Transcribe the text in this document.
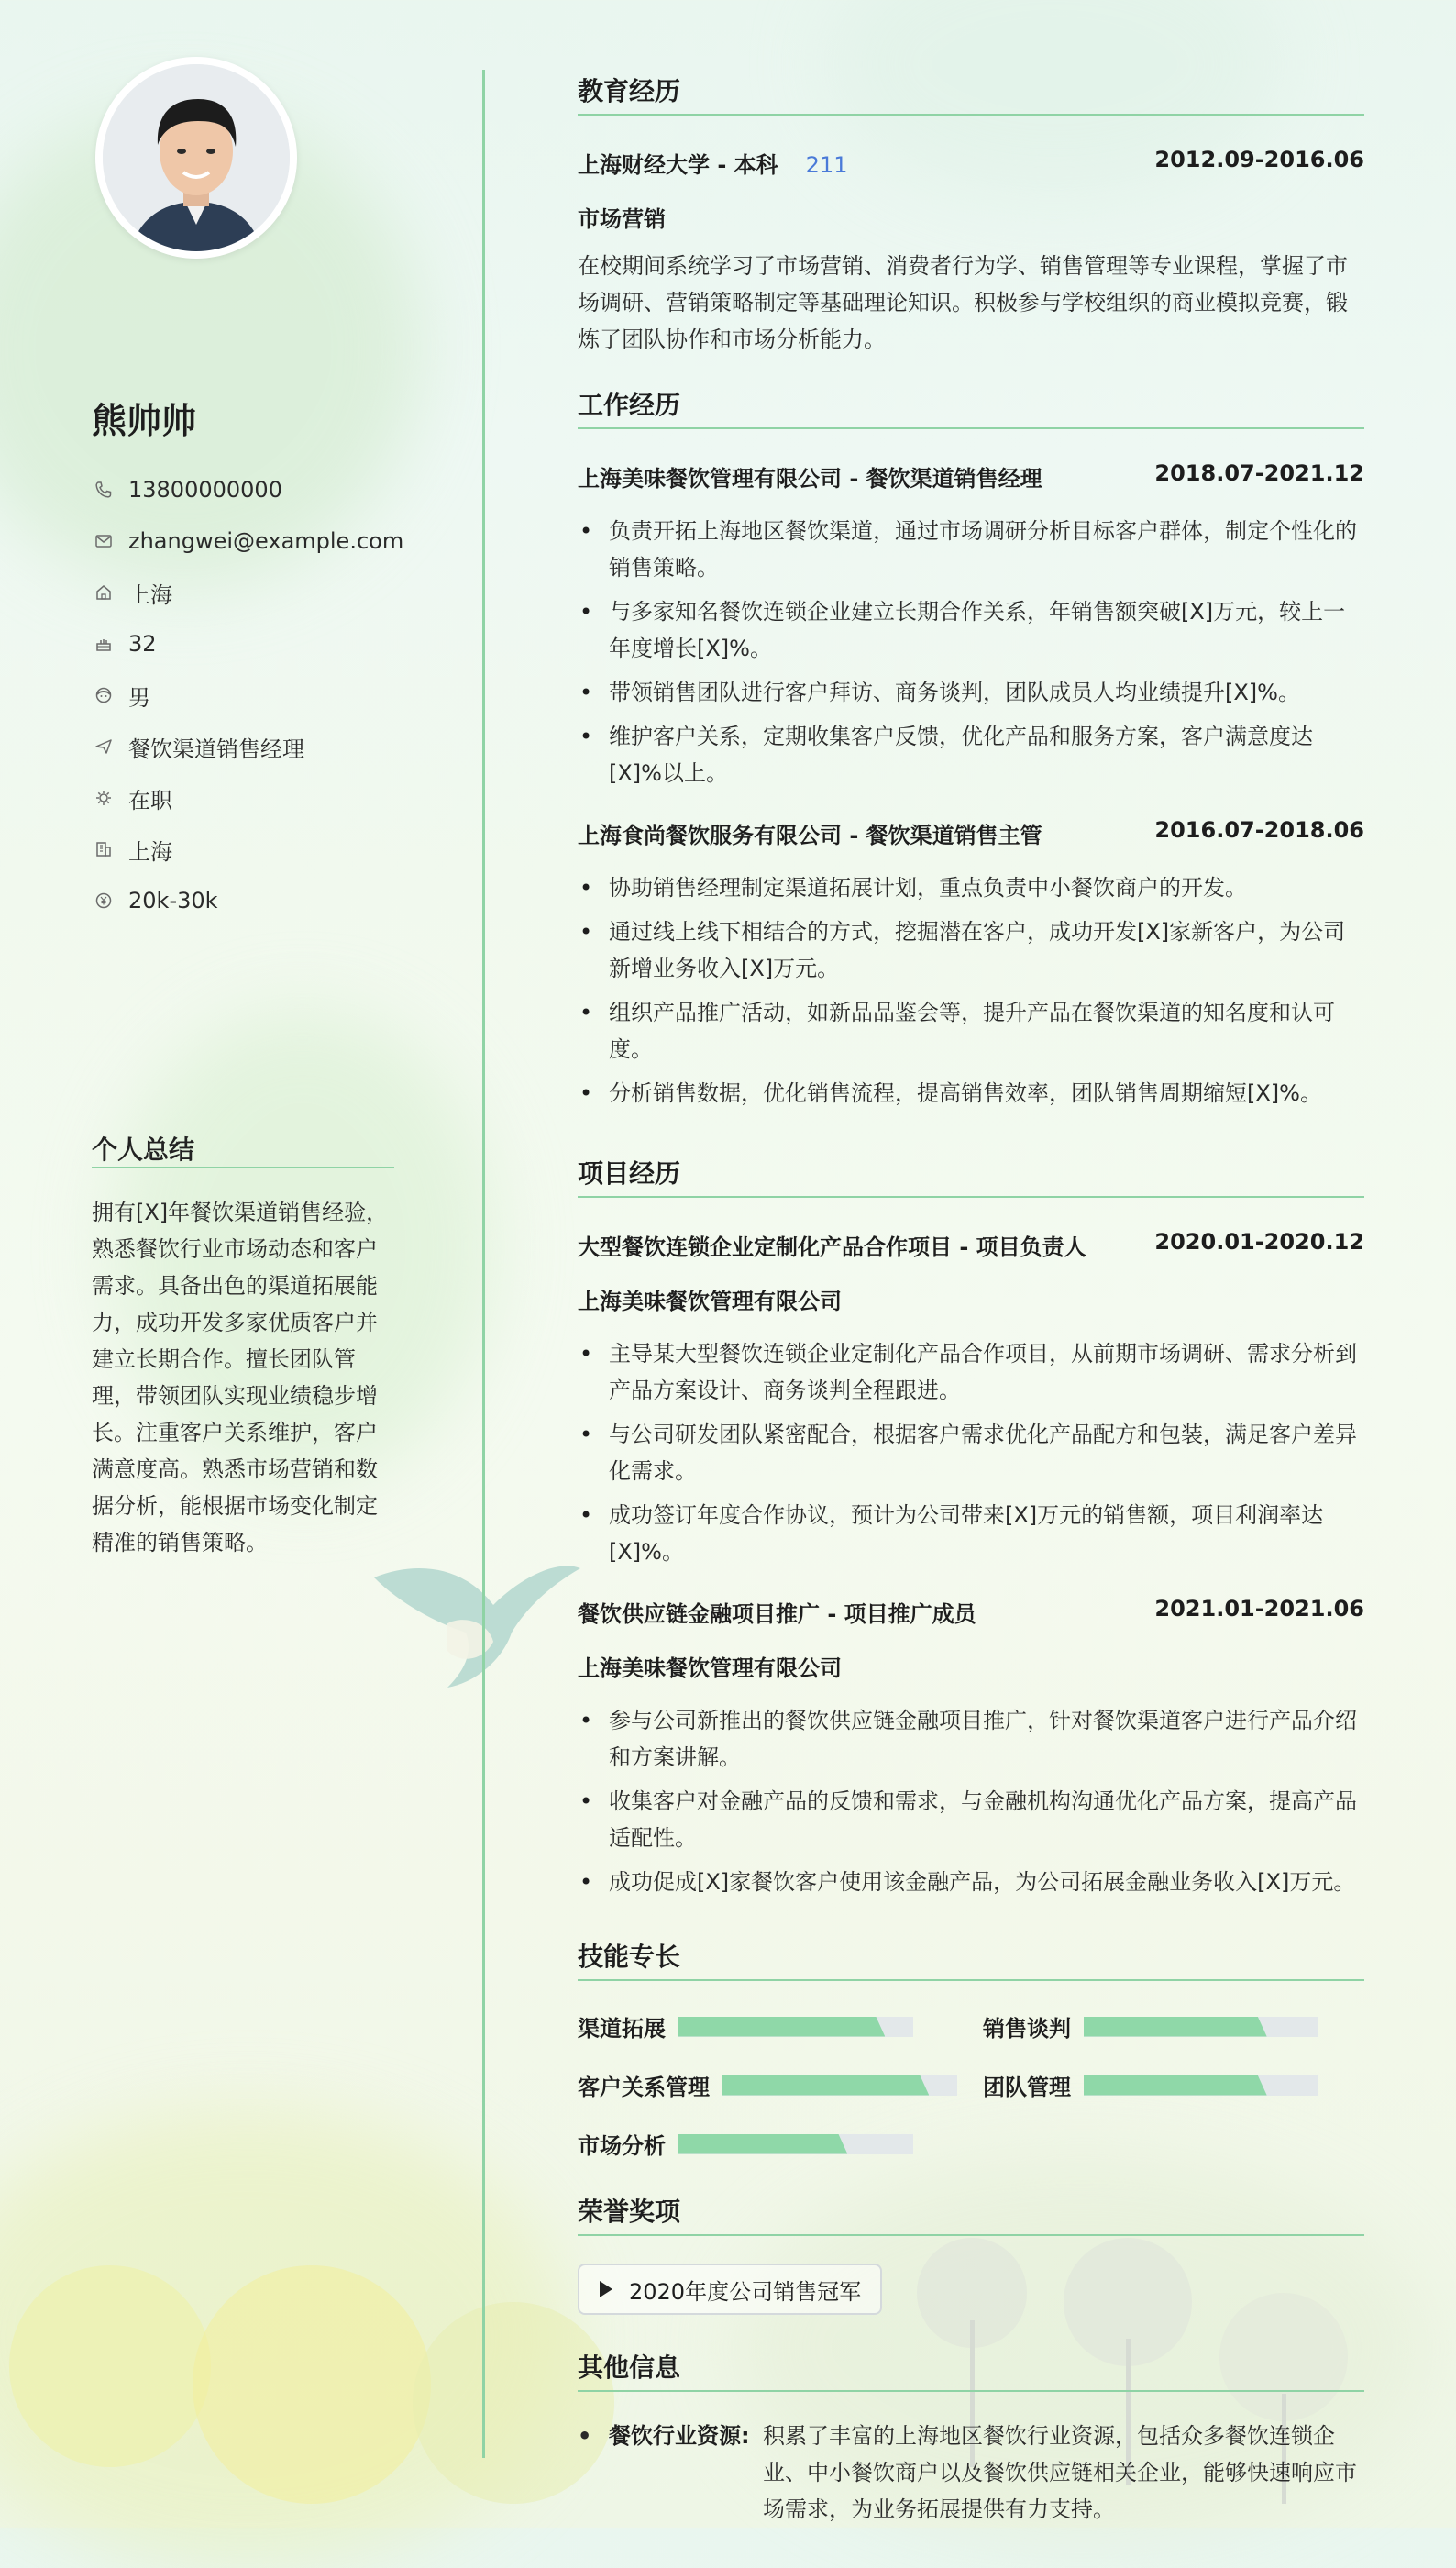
熊帅帅
13800000000
zhangwei@example.com
上海
32
男
餐饮渠道销售经理
在职
上海
20k-30k
个人总结
拥有[X]年餐饮渠道销售经验，熟悉餐饮行业市场动态和客户需求。具备出色的渠道拓展能力，成功开发多家优质客户并建立长期合作。擅长团队管理，带领团队实现业绩稳步增长。注重客户关系维护，客户满意度高。熟悉市场营销和数据分析，能根据市场变化制定精准的销售策略。
教育经历
上海财经大学 - 本科 211	2012.09-2016.06
市场营销
在校期间系统学习了市场营销、消费者行为学、销售管理等专业课程，掌握了市场调研、营销策略制定等基础理论知识。积极参与学校组织的商业模拟竞赛，锻炼了团队协作和市场分析能力。
工作经历
上海美味餐饮管理有限公司 - 餐饮渠道销售经理	2018.07-2021.12
• 负责开拓上海地区餐饮渠道，通过市场调研分析目标客户群体，制定个性化的销售策略。
• 与多家知名餐饮连锁企业建立长期合作关系，年销售额突破[X]万元，较上一年度增长[X]%。
• 带领销售团队进行客户拜访、商务谈判，团队成员人均业绩提升[X]%。
• 维护客户关系，定期收集客户反馈，优化产品和服务方案，客户满意度达[X]%以上。
上海食尚餐饮服务有限公司 - 餐饮渠道销售主管	2016.07-2018.06
• 协助销售经理制定渠道拓展计划，重点负责中小餐饮商户的开发。
• 通过线上线下相结合的方式，挖掘潜在客户，成功开发[X]家新客户，为公司新增业务收入[X]万元。
• 组织产品推广活动，如新品品鉴会等，提升产品在餐饮渠道的知名度和认可度。
• 分析销售数据，优化销售流程，提高销售效率，团队销售周期缩短[X]%。
项目经历
大型餐饮连锁企业定制化产品合作项目 - 项目负责人	2020.01-2020.12
上海美味餐饮管理有限公司
• 主导某大型餐饮连锁企业定制化产品合作项目，从前期市场调研、需求分析到产品方案设计、商务谈判全程跟进。
• 与公司研发团队紧密配合，根据客户需求优化产品配方和包装，满足客户差异化需求。
• 成功签订年度合作协议，预计为公司带来[X]万元的销售额，项目利润率达[X]%。
餐饮供应链金融项目推广 - 项目推广成员	2021.01-2021.06
上海美味餐饮管理有限公司
• 参与公司新推出的餐饮供应链金融项目推广，针对餐饮渠道客户进行产品介绍和方案讲解。
• 收集客户对金融产品的反馈和需求，与金融机构沟通优化产品方案，提高产品适配性。
• 成功促成[X]家餐饮客户使用该金融产品，为公司拓展金融业务收入[X]万元。
技能专长
渠道拓展	销售谈判
客户关系管理	团队管理
市场分析
荣誉奖项
2020年度公司销售冠军
其他信息
• 餐饮行业资源: 积累了丰富的上海地区餐饮行业资源，包括众多餐饮连锁企业、中小餐饮商户以及餐饮供应链相关企业，能够快速响应市场需求，为业务拓展提供有力支持。
